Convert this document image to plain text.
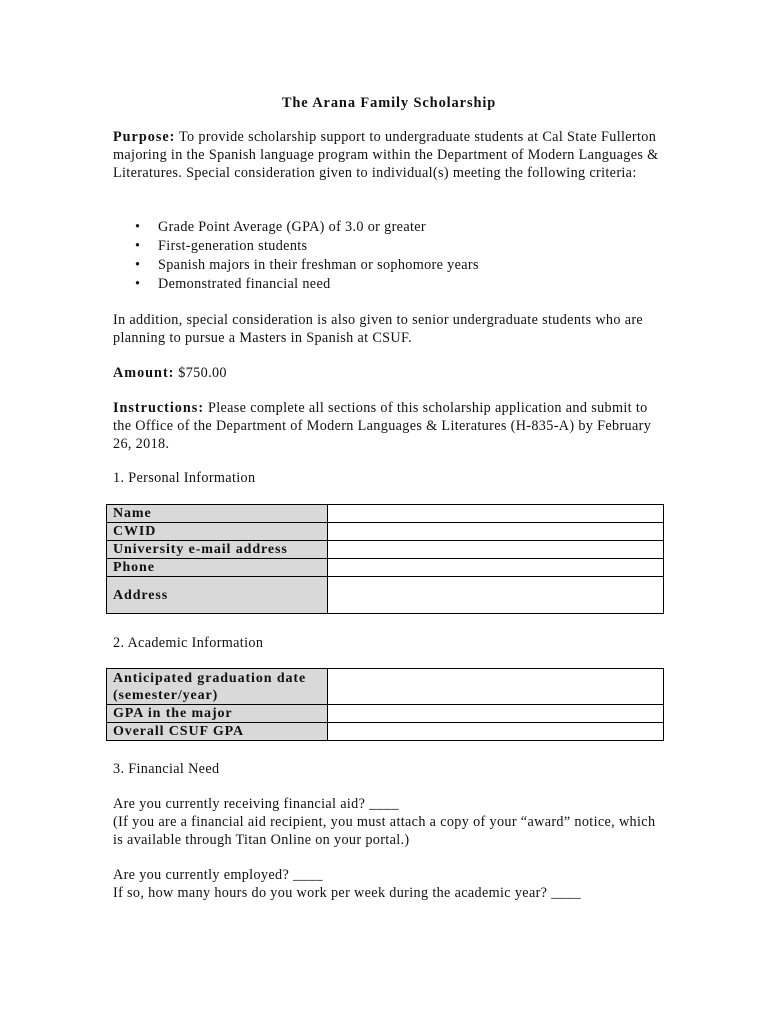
The Arana Family Scholarship
Purpose: To provide scholarship support to undergraduate students at Cal State Fullerton majoring in the Spanish language program within the Department of Modern Languages & Literatures. Special consideration given to individual(s) meeting the following criteria:
• Grade Point Average (GPA) of 3.0 or greater
• First-generation students
• Spanish majors in their freshman or sophomore years
• Demonstrated financial need
In addition, special consideration is also given to senior undergraduate students who are planning to pursue a Masters in Spanish at CSUF.
Amount: $750.00
Instructions: Please complete all sections of this scholarship application and submit to the Office of the Department of Modern Languages & Literatures (H-835-A) by February 26, 2018.
1. Personal Information
Name	
CWID	
University e-mail address	
Phone	
Address	
2. Academic Information
Anticipated graduation date (semester/year)	
GPA in the major	
Overall CSUF GPA	
3. Financial Need
Are you currently receiving financial aid? ____
(If you are a financial aid recipient, you must attach a copy of your “award” notice, which is available through Titan Online on your portal.)
Are you currently employed? ____
If so, how many hours do you work per week during the academic year? ____
